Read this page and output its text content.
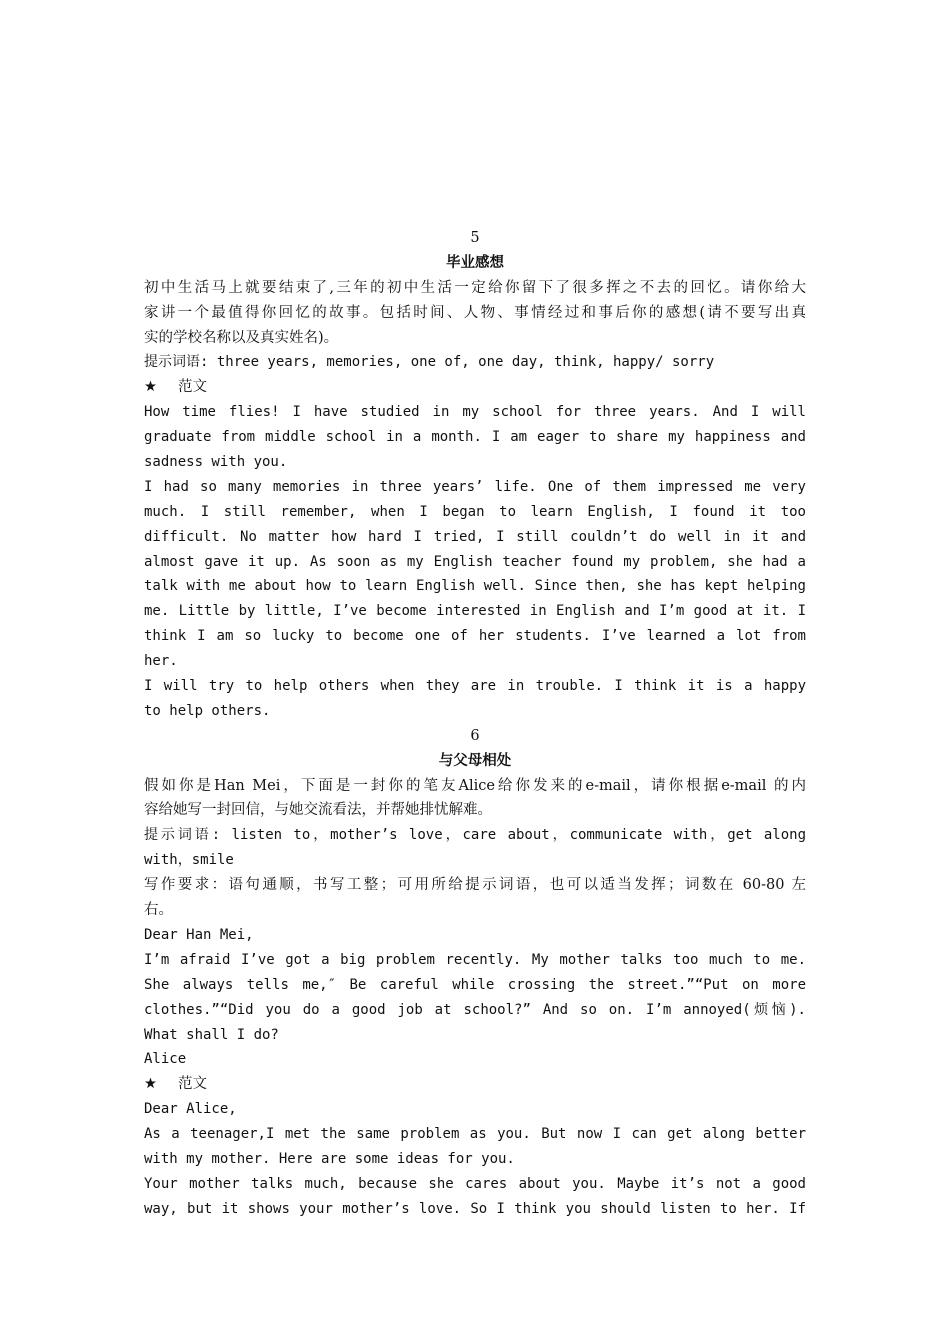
5
毕业感想
初中生活马上就要结束了,三年的初中生活一定给你留下了很多挥之不去的回忆。请你给大
家讲一个最值得你回忆的故事。包括时间、人物、事情经过和事后你的感想(请不要写出真
实的学校名称以及真实姓名)。
提示词语: three years, memories, one of, one day, think, happy/ sorry
★ 范文
How time flies! I have studied in my school for three years. And I will
graduate from middle school in a month. I am eager to share my happiness and
sadness with you.
I had so many memories in three years’ life. One of them impressed me very
much. I still remember, when I began to learn English, I found it too
difficult. No matter how hard I tried, I still couldn’t do well in it and
almost gave it up. As soon as my English teacher found my problem, she had a
talk with me about how to learn English well. Since then, she has kept helping
me. Little by little, I’ve become interested in English and I’m good at it. I
think I am so lucky to become one of her students. I’ve learned a lot from
her.
I will try to help others when they are in trouble. I think it is a happy
to help others.
6
与父母相处
假如你是Han Mei，下面是一封你的笔友Alice给你发来的e-mail，请你根据e-mail 的内
容给她写一封回信，与她交流看法，并帮她排忧解难。
提示词语: listen to，mother’s love，care about，communicate with，get along
with，smile
写作要求：语句通顺，书写工整；可用所给提示词语，也可以适当发挥；词数在 60-80 左
右。
Dear Han Mei,
I’m afraid I’ve got a big problem recently. My mother talks too much to me.
She always tells me,″ Be careful while crossing the street.”“Put on more
clothes.”“Did you do a good job at school?” And so on. I’m annoyed(烦恼).
What shall I do?
Alice
★ 范文
Dear Alice,
As a teenager,I met the same problem as you. But now I can get along better
with my mother. Here are some ideas for you.
Your mother talks much, because she cares about you. Maybe it’s not a good
way, but it shows your mother’s love. So I think you should listen to her. If
